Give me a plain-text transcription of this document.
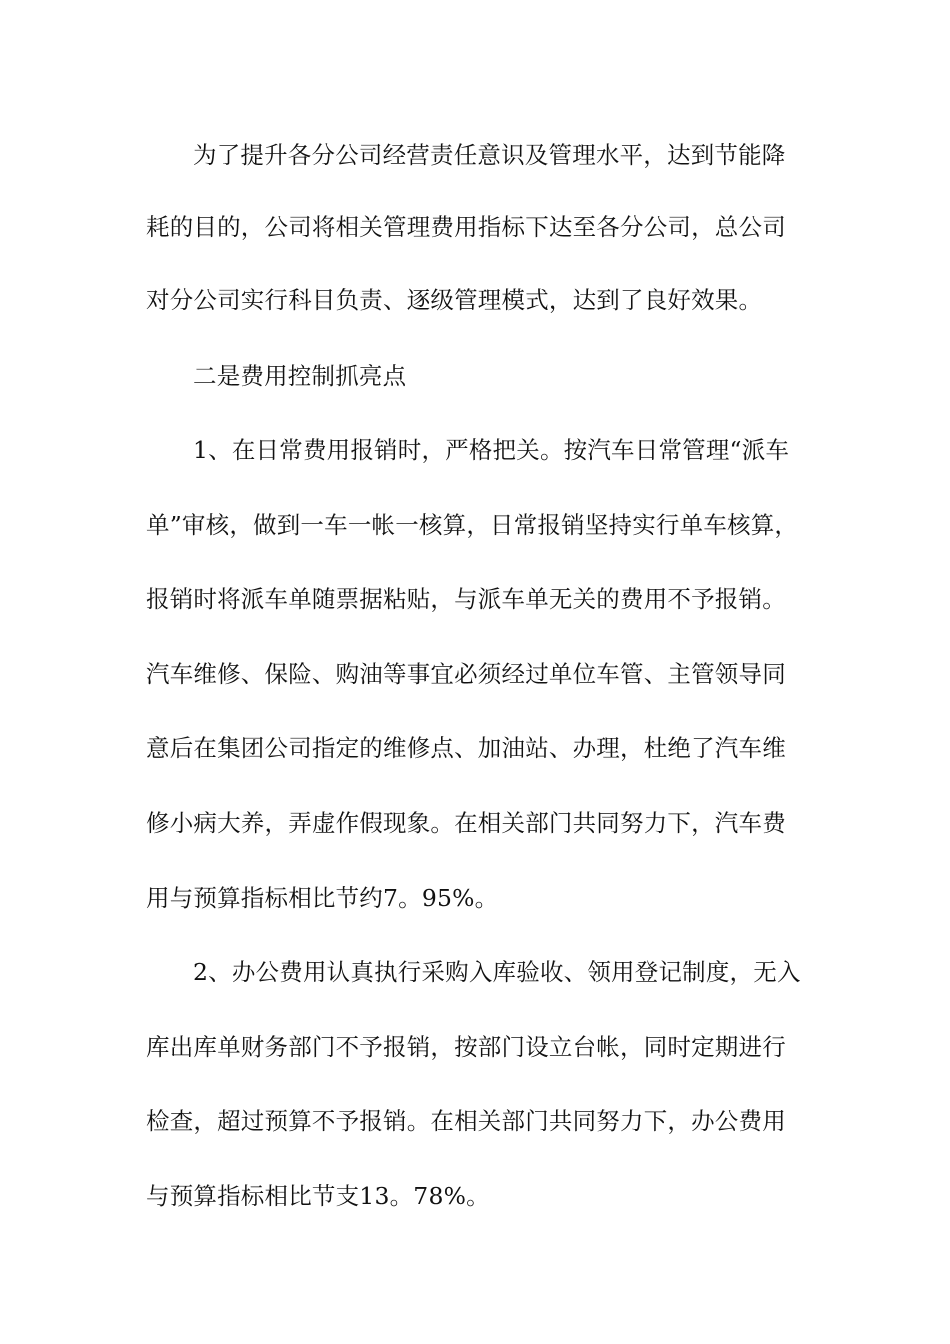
为了提升各分公司经营责任意识及管理水平，达到节能降
耗的目的，公司将相关管理费用指标下达至各分公司，总公司
对分公司实行科目负责、逐级管理模式，达到了良好效果。
二是费用控制抓亮点
1、在日常费用报销时，严格把关。按汽车日常管理“派车
单”审核，做到一车一帐一核算，日常报销坚持实行单车核算，
报销时将派车单随票据粘贴，与派车单无关的费用不予报销。
汽车维修、保险、购油等事宜必须经过单位车管、主管领导同
意后在集团公司指定的维修点、加油站、办理，杜绝了汽车维
修小病大养，弄虚作假现象。在相关部门共同努力下，汽车费
用与预算指标相比节约7。95%。
2、办公费用认真执行采购入库验收、领用登记制度，无入
库出库单财务部门不予报销，按部门设立台帐，同时定期进行
检查，超过预算不予报销。在相关部门共同努力下，办公费用
与预算指标相比节支13。78%。
